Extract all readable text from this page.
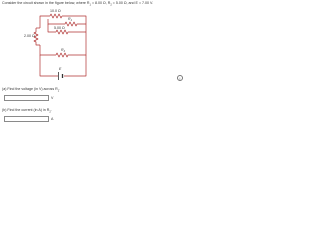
Consider the circuit shown in the figure below, where $R_1 = 8.00$ Ω, $R_2 = 5.00$ Ω, and E = 7.00 V.
10.0 Ω
$R_1$
5.00 Ω
2.00 Ω
$R_2$
E
i
(a) Find the voltage (in V) across $R_1$.
V
(b) Find the current (in A) in $R_2$.
A
